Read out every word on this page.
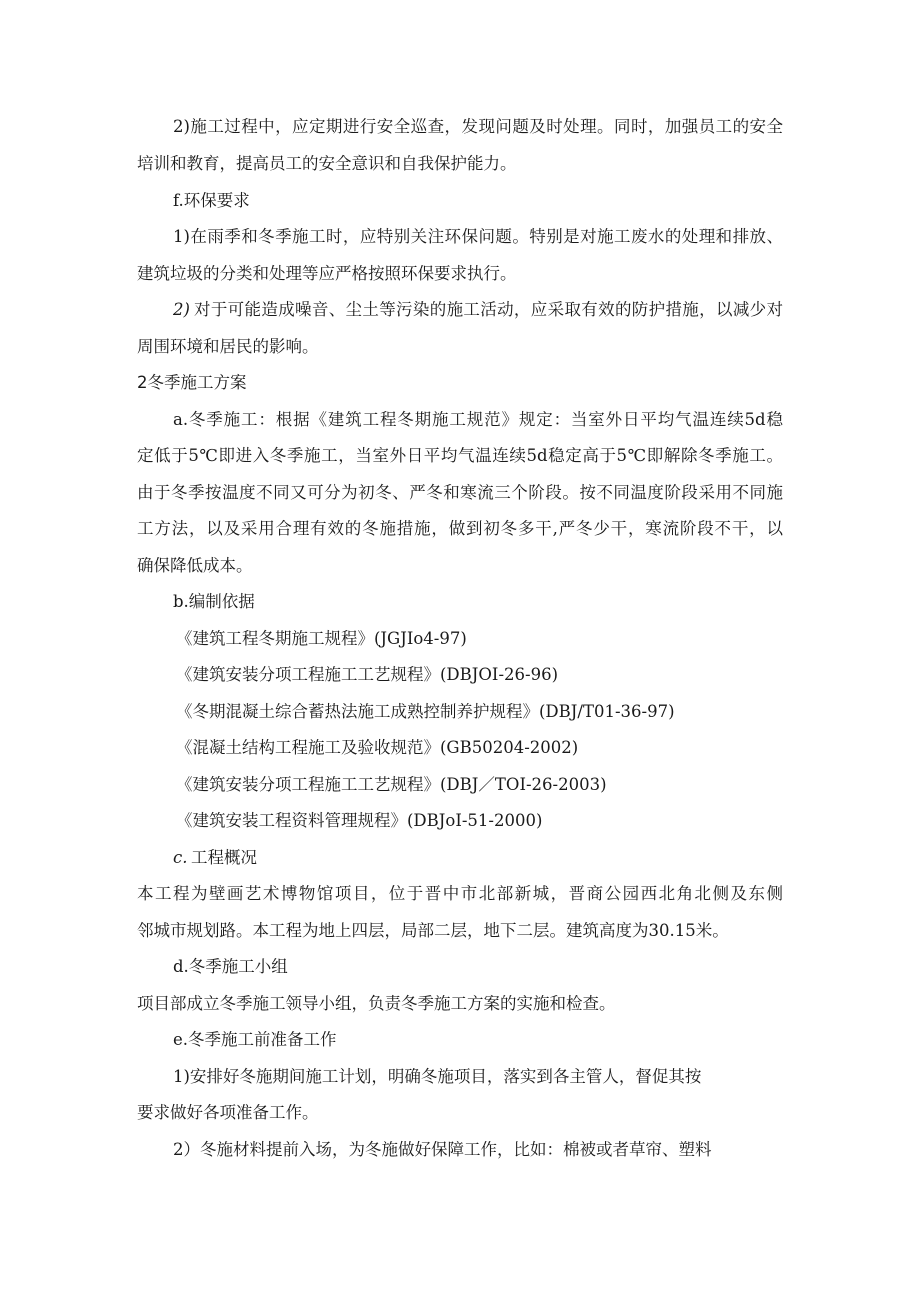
2)施工过程中，应定期进行安全巡查，发现问题及时处理。同时，加强员工的安全
培训和教育，提高员工的安全意识和自我保护能力。
f.环保要求
1)在雨季和冬季施工时，应特别关注环保问题。特别是对施工废水的处理和排放、
建筑垃圾的分类和处理等应严格按照环保要求执行。
2) 对于可能造成噪音、尘土等污染的施工活动，应采取有效的防护措施，以减少对
周围环境和居民的影响。
2冬季施工方案
a.冬季施工：根据《建筑工程冬期施工规范》规定：当室外日平均气温连续5d稳
定低于5℃即进入冬季施工，当室外日平均气温连续5d稳定高于5℃即解除冬季施工。
由于冬季按温度不同又可分为初冬、严冬和寒流三个阶段。按不同温度阶段采用不同施
工方法，以及采用合理有效的冬施措施，做到初冬多干,严冬少干，寒流阶段不干，以
确保降低成本。
b.编制依据
《建筑工程冬期施工规程》(JGJIo4-97)
《建筑安装分项工程施工工艺规程》(DBJOI-26-96)
《冬期混凝土综合蓄热法施工成熟控制养护规程》(DBJ/T01-36-97)
《混凝土结构工程施工及验收规范》(GB50204-2002)
《建筑安装分项工程施工工艺规程》(DBJ／TOI-26-2003)
《建筑安装工程资料管理规程》(DBJoI-51-2000)
c. 工程概况
本工程为壁画艺术博物馆项目，位于晋中市北部新城，晋商公园西北角北侧及东侧
邻城市规划路。本工程为地上四层，局部二层，地下二层。建筑高度为30.15米。
d.冬季施工小组
项目部成立冬季施工领导小组，负责冬季施工方案的实施和检查。
e.冬季施工前准备工作
1)安排好冬施期间施工计划，明确冬施项目，落实到各主管人，督促其按
要求做好各项准备工作。
2）冬施材料提前入场，为冬施做好保障工作，比如：棉被或者草帘、塑料
